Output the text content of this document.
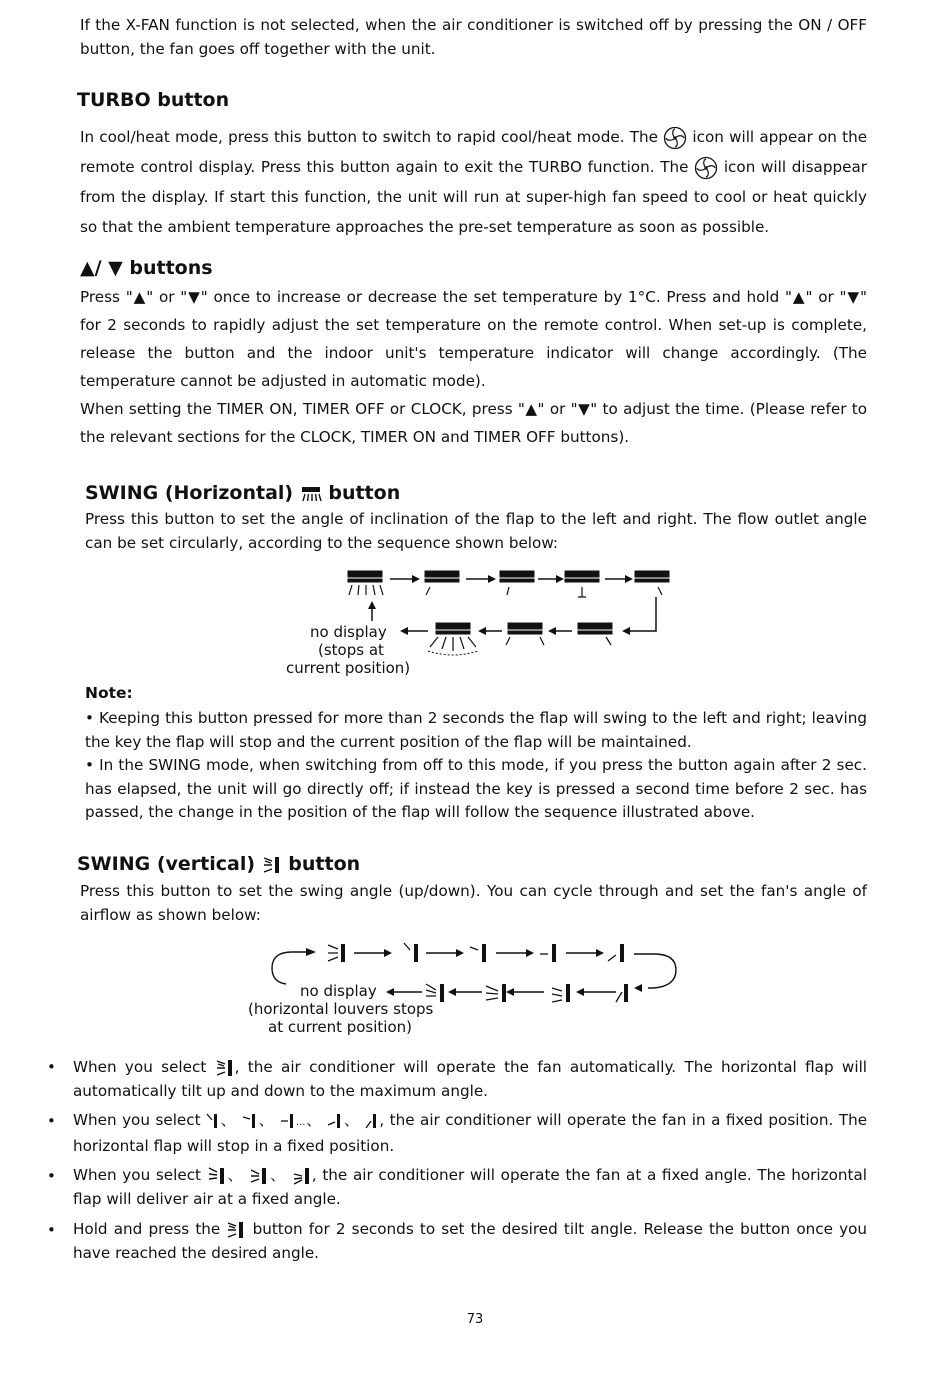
If the X-FAN function is not selected, when the air conditioner is switched off by pressing the ON / OFF button, the fan goes off together with the unit.

TURBO button

In cool/heat mode, press this button to switch to rapid cool/heat mode. The icon will appear on the remote control display. Press this button again to exit the TURBO function. The icon will disappear from the display. If start this function, the unit will run at super-high fan speed to cool or heat quickly so that the ambient temperature approaches the pre-set temperature as soon as possible.

▲/ ▼ buttons

Press "▲" or "▼" once to increase or decrease the set temperature by 1°C. Press and hold "▲" or "▼" for 2 seconds to rapidly adjust the set temperature on the remote control. When set-up is complete, release the button and the indoor unit's temperature indicator will change accordingly. (The temperature cannot be adjusted in automatic mode).

When setting the TIMER ON, TIMER OFF or CLOCK, press "▲" or "▼" to adjust the time. (Please refer to the relevant sections for the CLOCK, TIMER ON and TIMER OFF buttons).

SWING (Horizontal) button

Press this button to set the angle of inclination of the flap to the left and right. The flow outlet angle can be set circularly, according to the sequence shown below:

no display
(stops at
current position)
Note:

• Keeping this button pressed for more than 2 seconds the flap will swing to the left and right; leaving the key the flap will stop and the current position of the flap will be maintained.

• In the SWING mode, when switching from off to this mode, if you press the button again after 2 sec. has elapsed, the unit will go directly off; if instead the key is pressed a second time before 2 sec. has passed, the change in the position of the flap will follow the sequence illustrated above.

SWING (vertical) button

Press this button to set the swing angle (up/down). You can cycle through and set the fan's angle of airflow as shown below:

no display
(horizontal louvers stops
at current position)
• When you select , the air conditioner will operate the fan automatically. The horizontal flap will automatically tilt up and down to the maximum angle.

• When you select 、 、 ...、 、 , the air conditioner will operate the fan in a fixed position. The horizontal flap will stop in a fixed position.

• When you select 、 、 , the air conditioner will operate the fan at a fixed angle. The horizontal flap will deliver air at a fixed angle.

• Hold and press the button for 2 seconds to set the desired tilt angle. Release the button once you have reached the desired angle.

73
